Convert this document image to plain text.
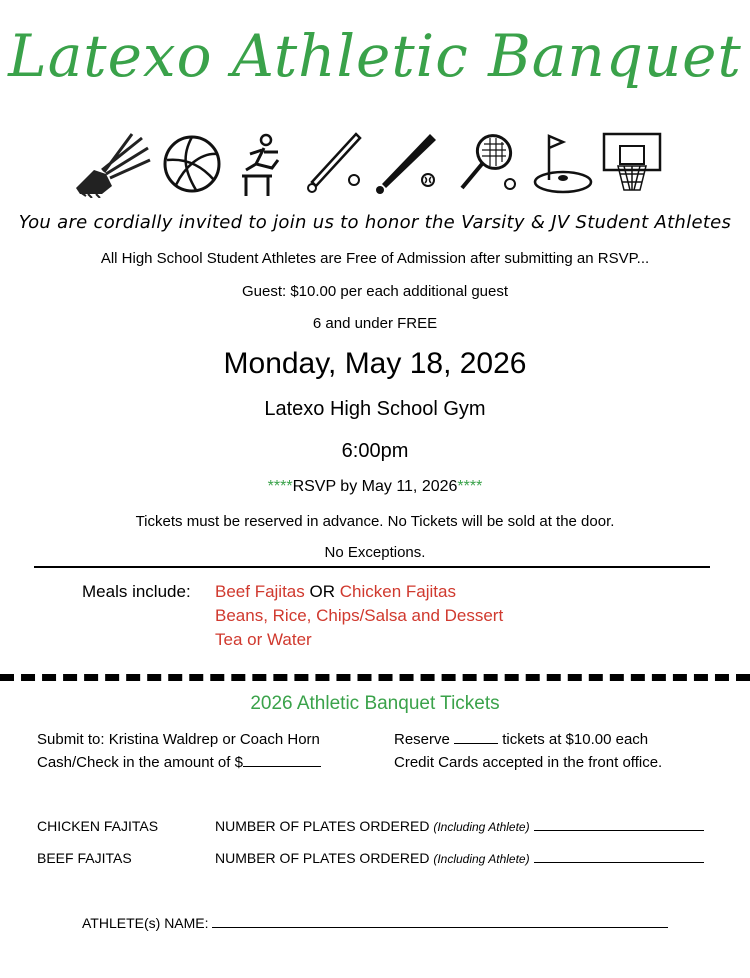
Latexo Athletic Banquet
You are cordially invited to join us to honor the Varsity & JV Student Athletes
All High School Student Athletes are Free of Admission after submitting an RSVP...
Guest: $10.00 per each additional guest
6 and under FREE
Monday, May 18, 2026
Latexo High School Gym
6:00pm
****RSVP by May 11, 2026****
Tickets must be reserved in advance. No Tickets will be sold at the door.
No Exceptions.
Meals include: Beef Fajitas OR Chicken Fajitas
Beans, Rice, Chips/Salsa and Dessert
Tea or Water
2026 Athletic Banquet Tickets
Submit to: Kristina Waldrep or Coach Horn
Cash/Check in the amount of $
Reserve	tickets at $10.00 each
Credit Cards accepted in the front office.
CHICKEN FAJITAS	NUMBER OF PLATES ORDERED (Including Athlete)
BEEF FAJITAS	NUMBER OF PLATES ORDERED (Including Athlete)
ATHLETE(s) NAME:
